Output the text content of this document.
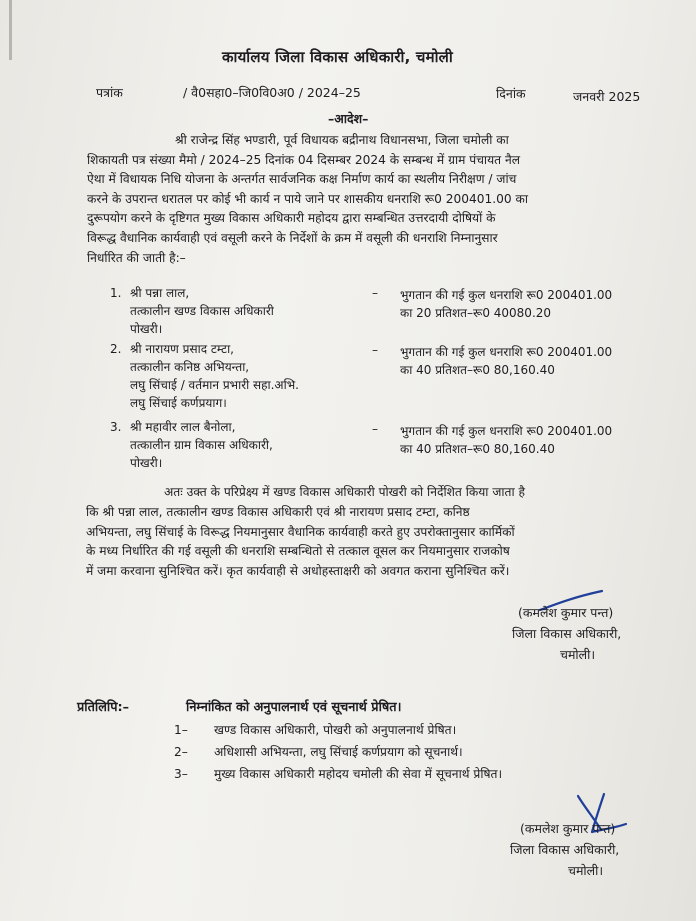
कार्यालय जिला विकास अधिकारी, चमोली
पत्रांक	/ वै0सहा0–जि0वि0अ0 / 2024–25	दिनांक	जनवरी 2025
–आदेश–
श्री राजेन्द्र सिंह भण्डारी, पूर्व विधायक बद्रीनाथ विधानसभा, जिला चमोली का
शिकायती पत्र संख्या मैमो / 2024–25 दिनांक 04 दिसम्बर 2024 के सम्बन्ध में ग्राम पंचायत नैल
ऐथा में विधायक निधि योजना के अन्तर्गत सार्वजनिक कक्ष निर्माण कार्य का स्थलीय निरीक्षण / जांच
करने के उपरान्त धरातल पर कोई भी कार्य न पाये जाने पर शासकीय धनराशि रू0 200401.00 का
दुरूपयोग करने के दृष्टिगत मुख्य विकास अधिकारी महोदय द्वारा सम्बन्धित उत्तरदायी दोषियों के
विरूद्ध वैधानिक कार्यवाही एवं वसूली करने के निर्देशों के क्रम में वसूली की धनराशि निम्नानुसार
निर्धारित की जाती है:–
1. श्री पन्ना लाल,
तत्कालीन खण्ड विकास अधिकारी
पोखरी।
– भुगतान की गई कुल धनराशि रू0 200401.00
का 20 प्रतिशत–रू0 40080.20
2. श्री नारायण प्रसाद टम्टा,
तत्कालीन कनिष्ठ अभियन्ता,
लघु सिंचाई / वर्तमान प्रभारी सहा.अभि.
लघु सिंचाई कर्णप्रयाग।
– भुगतान की गई कुल धनराशि रू0 200401.00
का 40 प्रतिशत–रू0 80,160.40
3. श्री महावीर लाल बैनोला,
तत्कालीन ग्राम विकास अधिकारी,
पोखरी।
– भुगतान की गई कुल धनराशि रू0 200401.00
का 40 प्रतिशत–रू0 80,160.40
अतः उक्त के परिप्रेक्ष्य में खण्ड विकास अधिकारी पोखरी को निर्देशित किया जाता है
कि श्री पन्ना लाल, तत्कालीन खण्ड विकास अधिकारी एवं श्री नारायण प्रसाद टम्टा, कनिष्ठ
अभियन्ता, लघु सिंचाई के विरूद्ध नियमानुसार वैधानिक कार्यवाही करते हुए उपरोक्तानुसार कार्मिकों
के मध्य निर्धारित की गई वसूली की धनराशि सम्बन्धितो से तत्काल वूसल कर नियमानुसार राजकोष
में जमा करवाना सुनिश्चित करें। कृत कार्यवाही से अधोहस्ताक्षरी को अवगत कराना सुनिश्चित करें।
(कमलेश कुमार पन्त)
जिला विकास अधिकारी,
चमोली।
प्रतिलिपि:–	निम्नांकित को अनुपालनार्थ एवं सूचनार्थ प्रेषित।
1– खण्ड विकास अधिकारी, पोखरी को अनुपालनार्थ प्रेषित।
2– अधिशासी अभियन्ता, लघु सिंचाई कर्णप्रयाग को सूचनार्थ।
3– मुख्य विकास अधिकारी महोदय चमोली की सेवा में सूचनार्थ प्रेषित।
(कमलेश कुमार पन्त)
जिला विकास अधिकारी,
चमोली।
